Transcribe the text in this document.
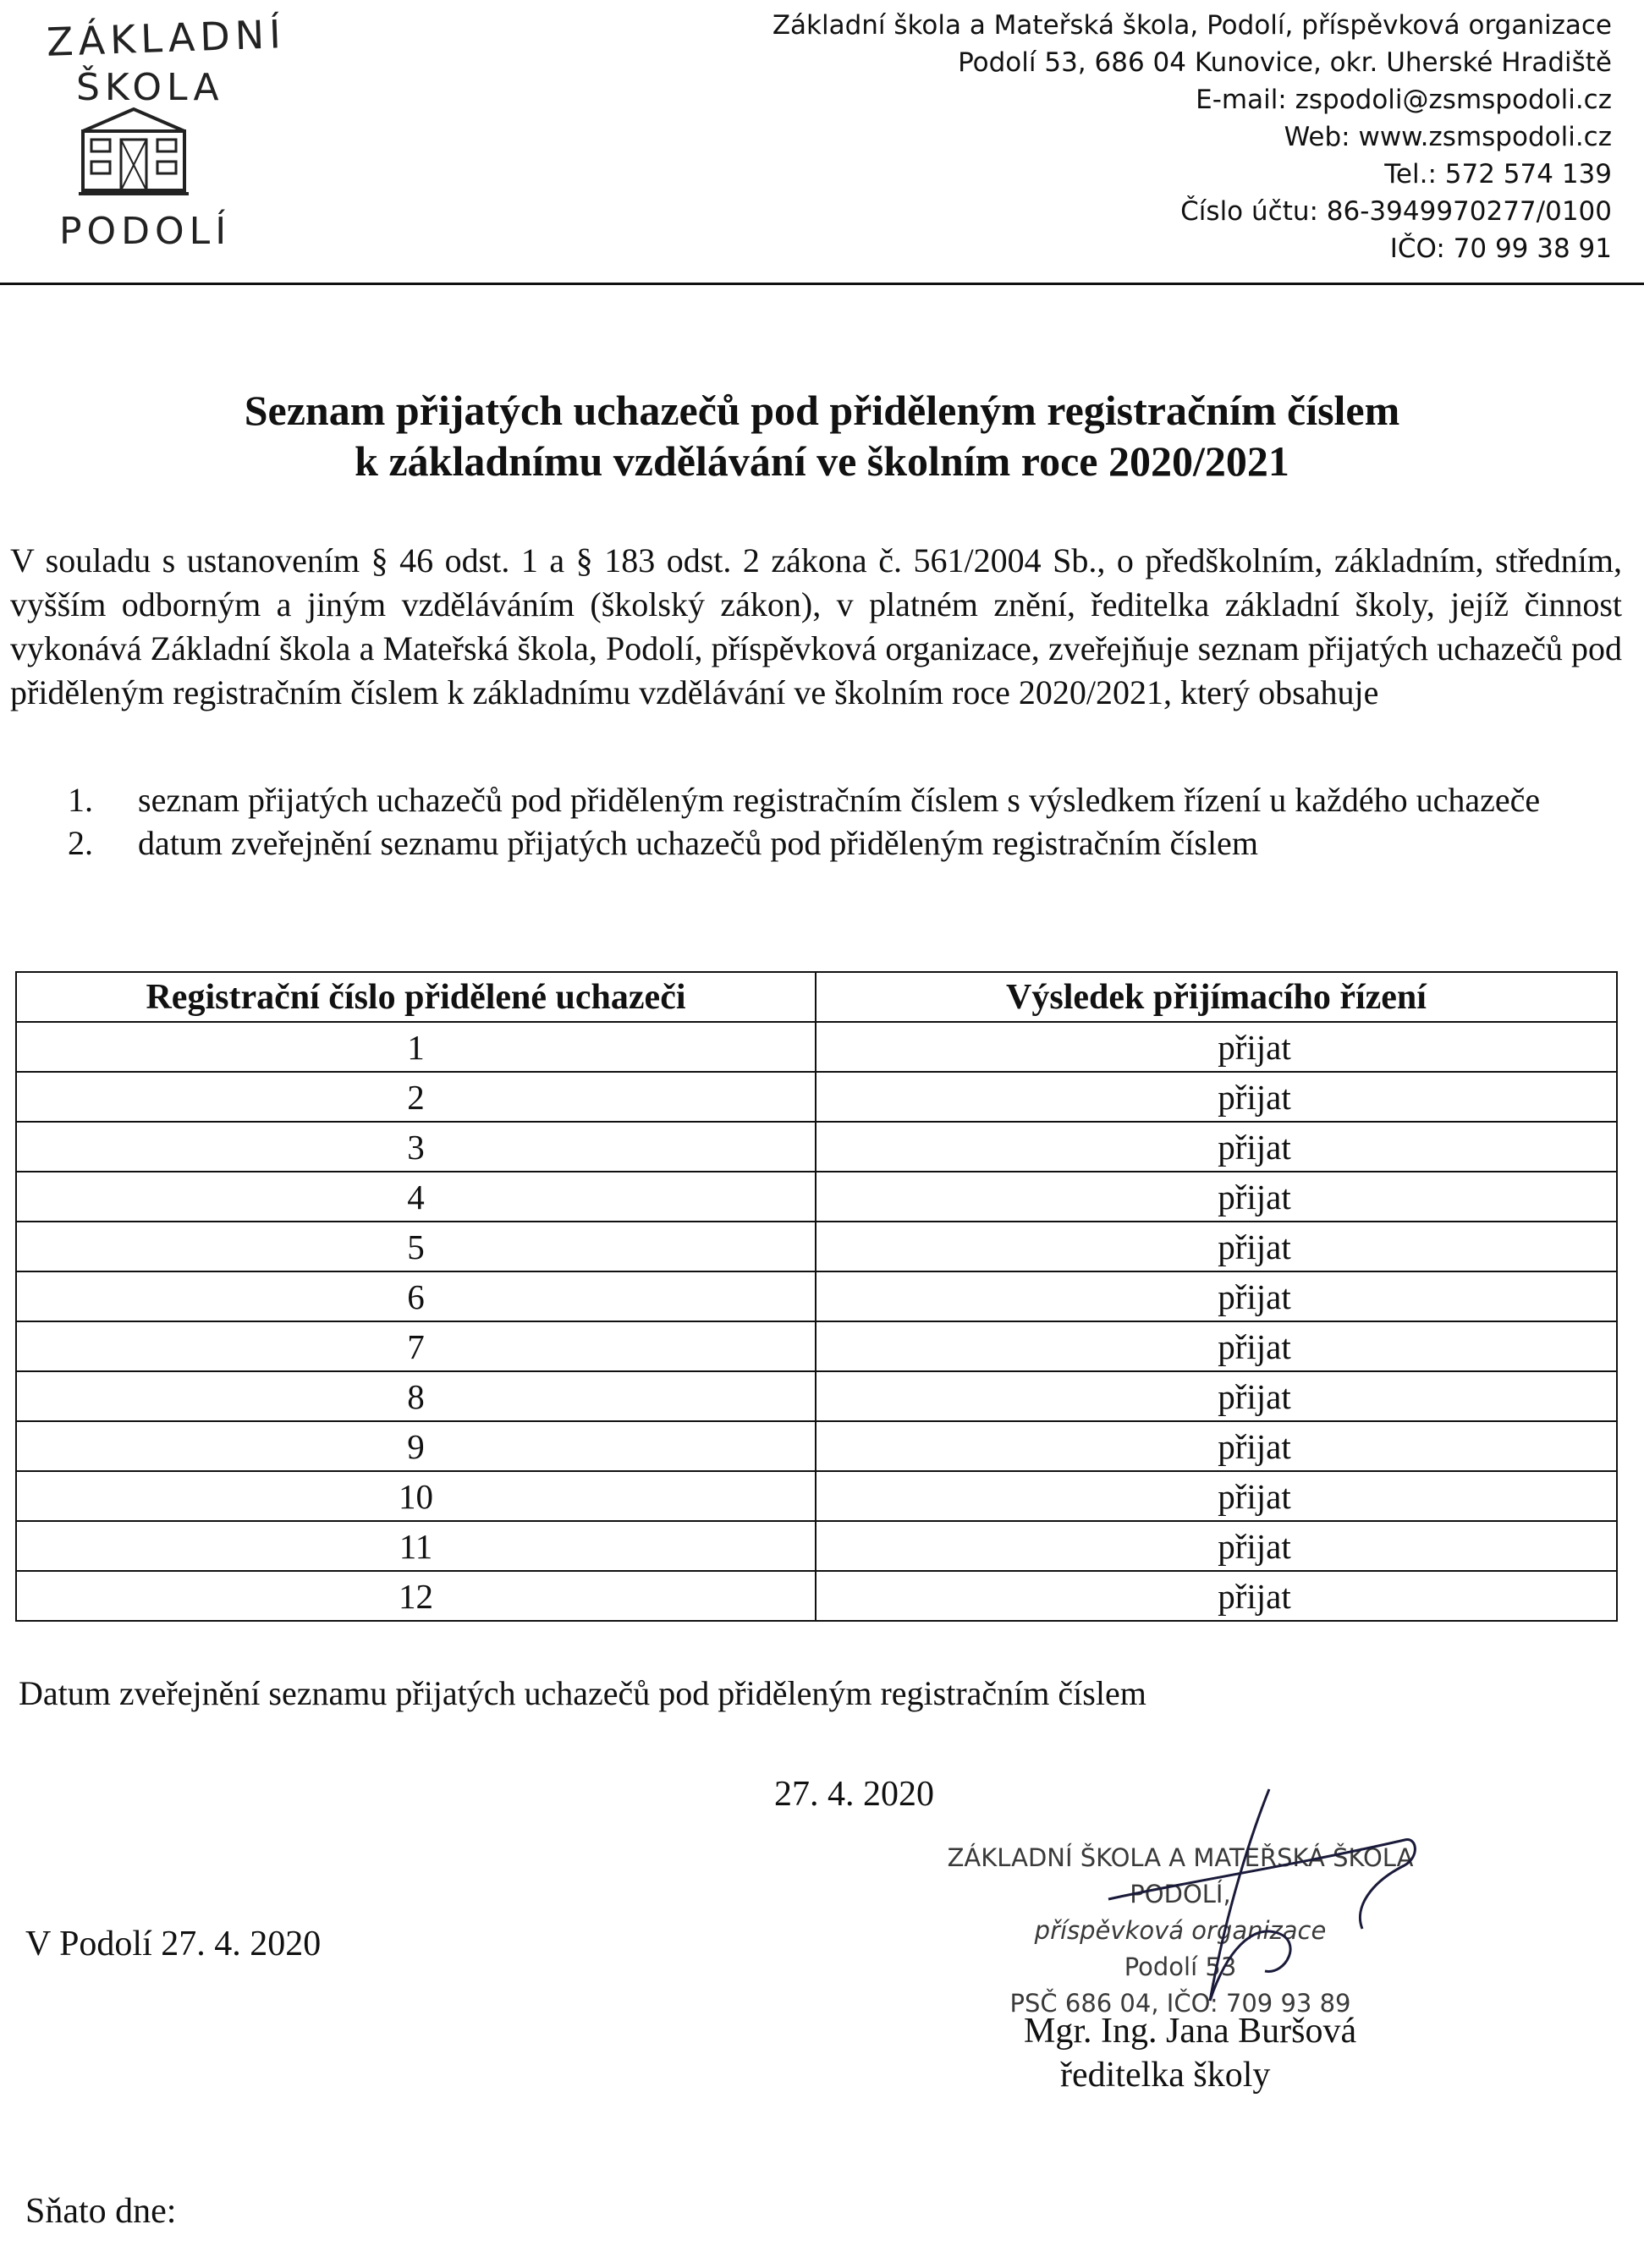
ZÁKLADNÍ
ŠKOLA
PODOLÍ
Základní škola a Mateřská škola, Podolí, příspěvková organizace
Podolí 53, 686 04 Kunovice, okr. Uherské Hradiště
E-mail: zspodoli@zsmspodoli.cz
Web: www.zsmspodoli.cz
Tel.: 572 574 139
Číslo účtu: 86-3949970277/0100
IČO: 70 99 38 91
Seznam přijatých uchazečů pod přiděleným registračním číslem
k základnímu vzdělávání ve školním roce 2020/2021
V souladu s ustanovením § 46 odst. 1 a § 183 odst. 2 zákona č. 561/2004 Sb., o předškolním, základním, středním, vyšším odborným a jiným vzděláváním (školský zákon), v platném znění, ředitelka základní školy, jejíž činnost vykonává Základní škola a Mateřská škola, Podolí, příspěvková organizace, zveřejňuje seznam přijatých uchazečů pod přiděleným registračním číslem k základnímu vzdělávání ve školním roce 2020/2021, který obsahuje
1.	seznam přijatých uchazečů pod přiděleným registračním číslem s výsledkem řízení u každého uchazeče
2.	datum zveřejnění seznamu přijatých uchazečů pod přiděleným registračním číslem
Registrační číslo přidělené uchazeči	Výsledek přijímacího řízení
1	přijat
2	přijat
3	přijat
4	přijat
5	přijat
6	přijat
7	přijat
8	přijat
9	přijat
10	přijat
11	přijat
12	přijat
Datum zveřejnění seznamu přijatých uchazečů pod přiděleným registračním číslem
27. 4. 2020
V Podolí 27. 4. 2020
ZÁKLADNÍ ŠKOLA A MATEŘSKÁ ŠKOLA
PODOLÍ,
příspěvková organizace
Podolí 53
PSČ 686 04, IČO: 709 93 89
Mgr. Ing. Jana Buršová
ředitelka školy
Sňato dne:
